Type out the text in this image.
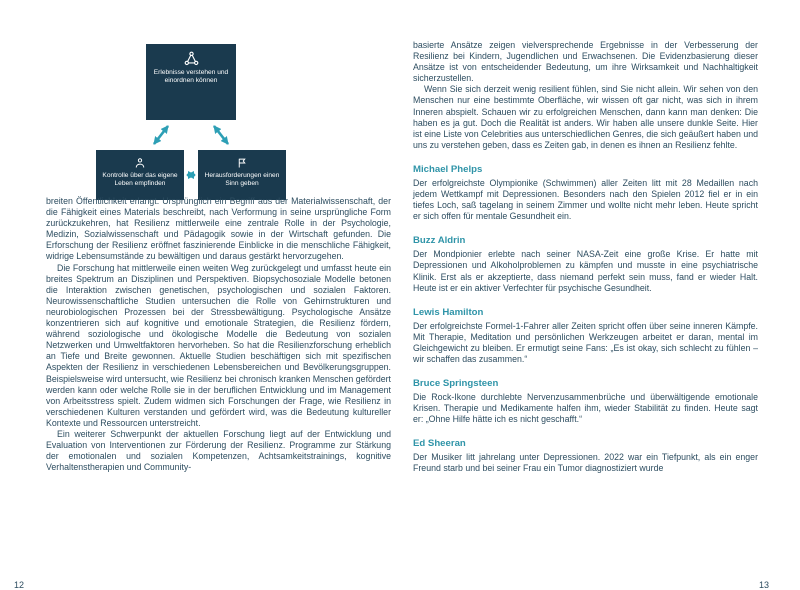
Erlebnisse verstehen und einordnen können
Kontrolle über das eigene Leben empfinden
Herausforderungen einen Sinn geben

breiten Öffentlichkeit erlangt. Ursprünglich ein Begriff aus der Materialwissenschaft, der die Fähigkeit eines Materials beschreibt, nach Verformung in seine ursprüngliche Form zurückzukehren, hat Resilienz mittlerweile eine zentrale Rolle in der Psychologie, Medizin, Sozialwissenschaft und Pädagogik sowie in der Wirtschaft gefunden. Die Erforschung der Resilienz eröffnet faszinierende Einblicke in die menschliche Fähigkeit, widrige Lebensumstände zu bewältigen und daraus gestärkt hervorzugehen.

Die Forschung hat mittlerweile einen weiten Weg zurückgelegt und umfasst heute ein breites Spektrum an Disziplinen und Perspektiven. Biopsychosoziale Modelle betonen die Interaktion zwischen genetischen, psychologischen und sozialen Faktoren. Neurowissenschaftliche Studien untersuchen die Rolle von Gehirnstrukturen und neurobiologischen Prozessen bei der Stressbewältigung. Psychologische Ansätze konzentrieren sich auf kognitive und emotionale Strategien, die Resilienz fördern, während soziologische und ökologische Modelle die Bedeutung von sozialen Netzwerken und Umweltfaktoren hervorheben. So hat die Resilienzforschung erheblich an Tiefe und Breite gewonnen. Aktuelle Studien beschäftigen sich mit spezifischen Aspekten der Resilienz in verschiedenen Lebensbereichen und Bevölkerungsgruppen. Beispielsweise wird untersucht, wie Resilienz bei chronisch kranken Menschen gefördert werden kann oder welche Rolle sie in der beruflichen Entwicklung und im Management von Arbeitsstress spielt. Zudem widmen sich Forschungen der Frage, wie Resilienz in verschiedenen Kulturen verstanden und gefördert wird, was die Bedeutung kultureller Kontexte und Ressourcen unterstreicht.

Ein weiterer Schwerpunkt der aktuellen Forschung liegt auf der Entwicklung und Evaluation von Interventionen zur Förderung der Resilienz. Programme zur Stärkung der emotionalen und sozialen Kompetenzen, Achtsamkeitstrainings, kognitive Verhaltenstherapien und Community-

12

basierte Ansätze zeigen vielversprechende Ergebnisse in der Verbesserung der Resilienz bei Kindern, Jugendlichen und Erwachsenen. Die Evidenzbasierung dieser Ansätze ist von entscheidender Bedeutung, um ihre Wirksamkeit und Nachhaltigkeit sicherzustellen.

Wenn Sie sich derzeit wenig resilient fühlen, sind Sie nicht allein. Wir sehen von den Menschen nur eine bestimmte Oberfläche, wir wissen oft gar nicht, was sich in ihrem Inneren abspielt. Schauen wir zu erfolgreichen Menschen, dann kann man denken: Die haben es ja gut. Doch die Realität ist anders. Wir haben alle unsere dunkle Seite. Hier ist eine Liste von Celebrities aus unterschiedlichen Genres, die sich geäußert haben und uns zu verstehen geben, dass es Zeiten gab, in denen es ihnen an Resilienz fehlte.

Michael Phelps

Der erfolgreichste Olympionike (Schwimmen) aller Zeiten litt mit 28 Medaillen nach jedem Wettkampf mit Depressionen. Besonders nach den Spielen 2012 fiel er in ein tiefes Loch, saß tagelang in seinem Zimmer und wollte nicht mehr leben. Heute spricht er sich offen für mentale Gesundheit ein.

Buzz Aldrin

Der Mondpionier erlebte nach seiner NASA-Zeit eine große Krise. Er hatte mit Depressionen und Alkoholproblemen zu kämpfen und musste in eine psychiatrische Klinik. Erst als er akzeptierte, dass niemand perfekt sein muss, fand er wieder Halt. Heute ist er ein aktiver Verfechter für psychische Gesundheit.

Lewis Hamilton

Der erfolgreichste Formel-1-Fahrer aller Zeiten spricht offen über seine inneren Kämpfe. Mit Therapie, Meditation und persönlichen Werkzeugen arbeitet er daran, mental im Gleichgewicht zu bleiben. Er ermutigt seine Fans: „Es ist okay, sich schlecht zu fühlen – wir schaffen das zusammen.“

Bruce Springsteen

Die Rock-Ikone durchlebte Nervenzusammenbrüche und überwältigende emotionale Krisen. Therapie und Medikamente halfen ihm, wieder Stabilität zu finden. Heute sagt er: „Ohne Hilfe hätte ich es nicht geschafft.“

Ed Sheeran

Der Musiker litt jahrelang unter Depressionen. 2022 war ein Tiefpunkt, als ein enger Freund starb und bei seiner Frau ein Tumor diagnostiziert wurde

13
